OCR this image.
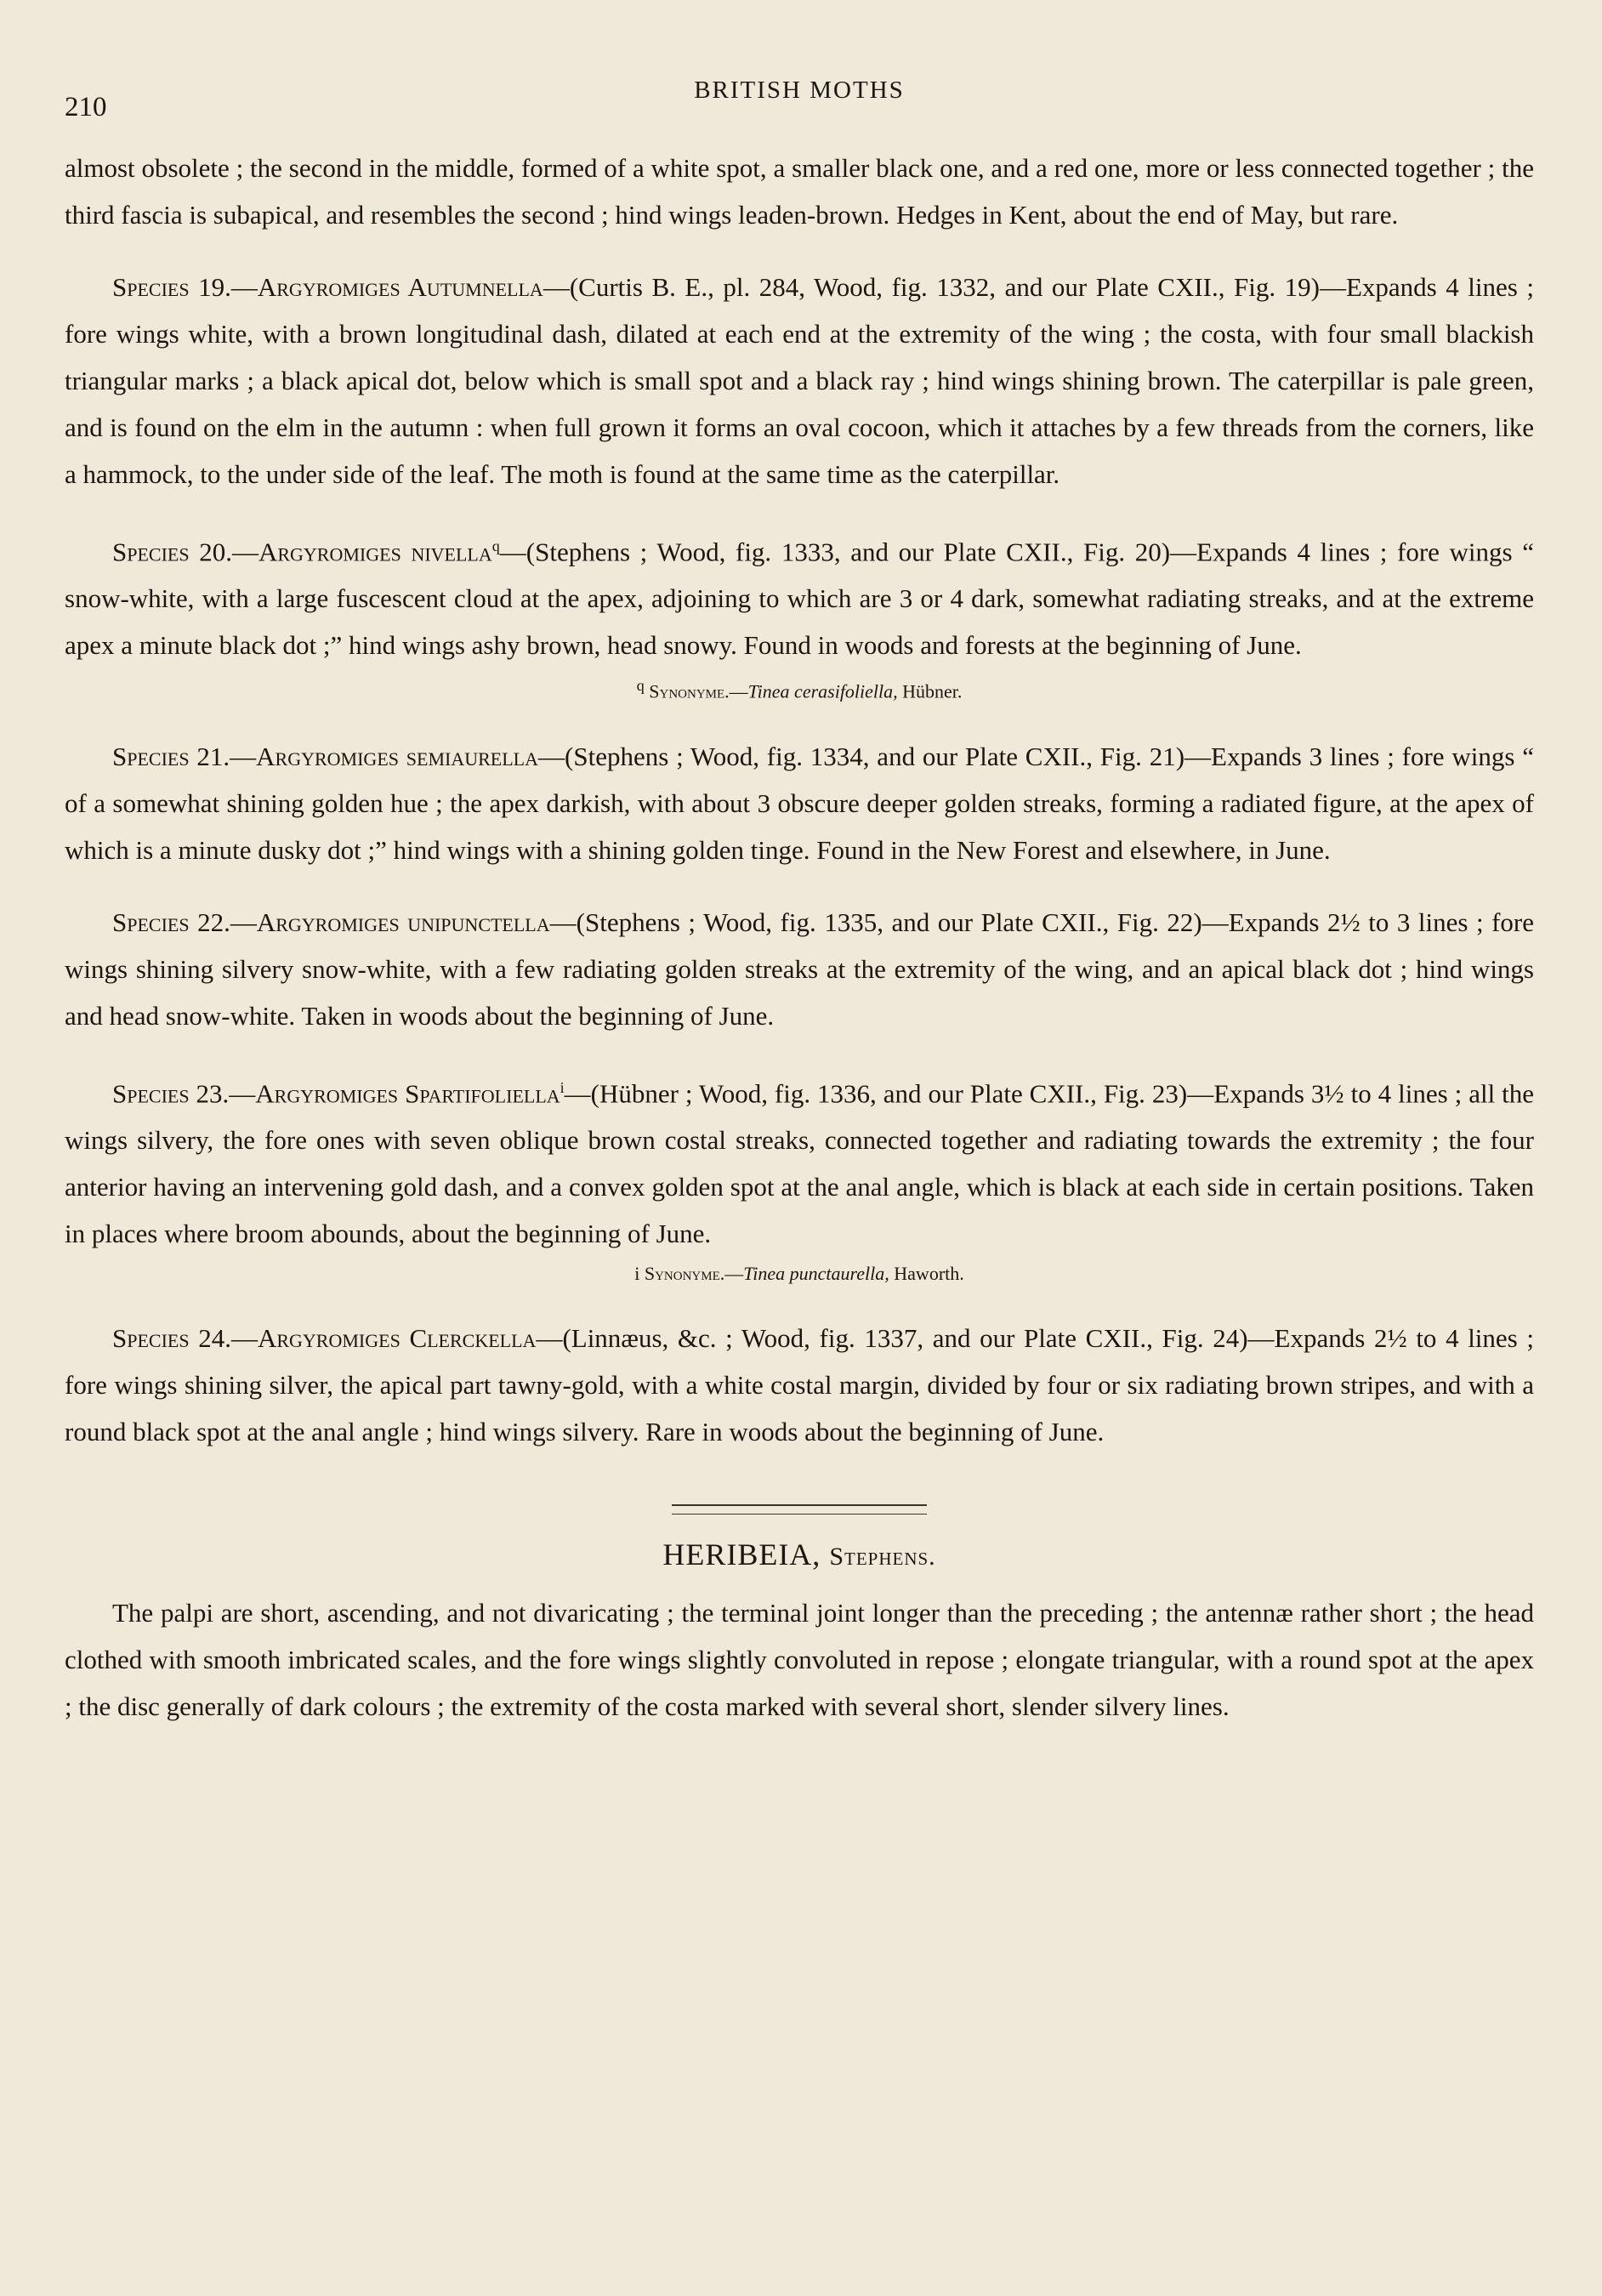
210
BRITISH MOTHS

almost obsolete ; the second in the middle, formed of a white spot, a smaller black one, and a red one, more or less connected together ; the third fascia is subapical, and resembles the second ; hind wings leaden-brown. Hedges in Kent, about the end of May, but rare.

Species 19.—Argyromiges Autumnella—(Curtis B. E., pl. 284, Wood, fig. 1332, and our Plate CXII., Fig. 19)—Expands 4 lines ; fore wings white, with a brown longitudinal dash, dilated at each end at the extremity of the wing ; the costa, with four small blackish triangular marks ; a black apical dot, below which is small spot and a black ray ; hind wings shining brown. The caterpillar is pale green, and is found on the elm in the autumn : when full grown it forms an oval cocoon, which it attaches by a few threads from the corners, like a hammock, to the under side of the leaf. The moth is found at the same time as the caterpillar.

Species 20.—Argyromiges nivella$^q$—(Stephens ; Wood, fig. 1333, and our Plate CXII., Fig. 20)—Expands 4 lines ; fore wings “ snow-white, with a large fuscescent cloud at the apex, adjoining to which are 3 or 4 dark, somewhat radiating streaks, and at the extreme apex a minute black dot ;” hind wings ashy brown, head snowy. Found in woods and forests at the beginning of June.

$^q$ Synonyme.—Tinea cerasifoliella, Hübner.

Species 21.—Argyromiges semiaurella—(Stephens ; Wood, fig. 1334, and our Plate CXII., Fig. 21)—Expands 3 lines ; fore wings “ of a somewhat shining golden hue ; the apex darkish, with about 3 obscure deeper golden streaks, forming a radiated figure, at the apex of which is a minute dusky dot ;” hind wings with a shining golden tinge. Found in the New Forest and elsewhere, in June.

Species 22.—Argyromiges unipunctella—(Stephens ; Wood, fig. 1335, and our Plate CXII., Fig. 22)—Expands 2½ to 3 lines ; fore wings shining silvery snow-white, with a few radiating golden streaks at the extremity of the wing, and an apical black dot ; hind wings and head snow-white. Taken in woods about the beginning of June.

Species 23.—Argyromiges Spartifoliella$^i$—(Hübner ; Wood, fig. 1336, and our Plate CXII., Fig. 23)—Expands 3½ to 4 lines ; all the wings silvery, the fore ones with seven oblique brown costal streaks, connected together and radiating towards the extremity ; the four anterior having an intervening gold dash, and a convex golden spot at the anal angle, which is black at each side in certain positions. Taken in places where broom abounds, about the beginning of June.

i Synonyme.—Tinea punctaurella, Haworth.

Species 24.—Argyromiges Clerckella—(Linnæus, &c. ; Wood, fig. 1337, and our Plate CXII., Fig. 24)—Expands 2½ to 4 lines ; fore wings shining silver, the apical part tawny-gold, with a white costal margin, divided by four or six radiating brown stripes, and with a round black spot at the anal angle ; hind wings silvery. Rare in woods about the beginning of June.

HERIBEIA, Stephens.

The palpi are short, ascending, and not divaricating ; the terminal joint longer than the preceding ; the antennæ rather short ; the head clothed with smooth imbricated scales, and the fore wings slightly convoluted in repose ; elongate triangular, with a round spot at the apex ; the disc generally of dark colours ; the extremity of the costa marked with several short, slender silvery lines.
